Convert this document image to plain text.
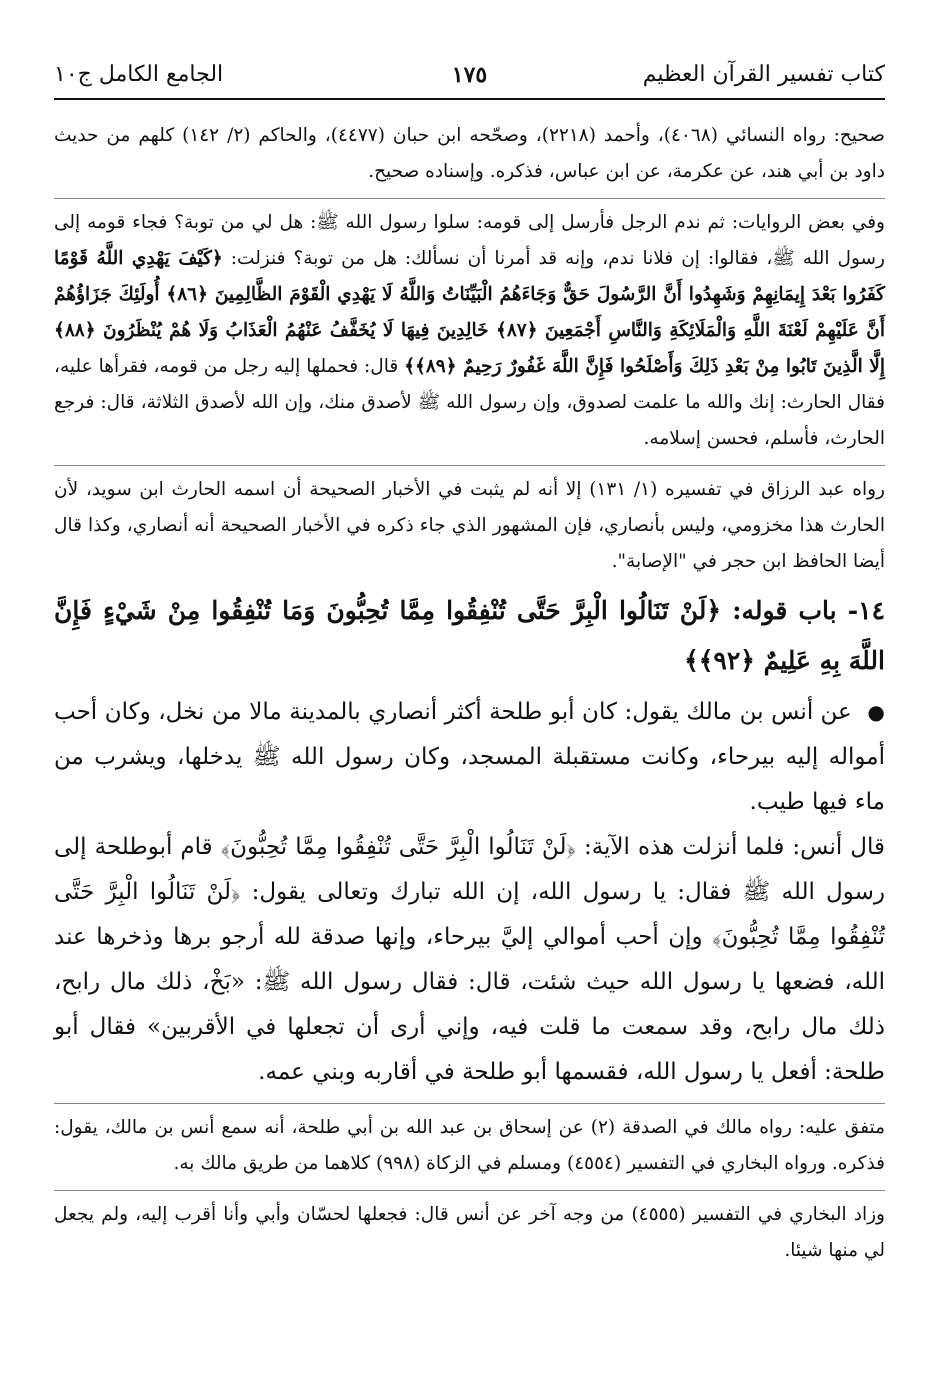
كتاب تفسير القرآن العظيم
١٧٥
الجامع الكامل ج١٠

صحيح: رواه النسائي (٤٠٦٨)، وأحمد (٢٢١٨)، وصحّحه ابن حبان (٤٤٧٧)، والحاكم (٢/ ١٤٢) كلهم من حديث داود بن أبي هند، عن عكرمة، عن ابن عباس، فذكره. وإسناده صحيح.

وفي بعض الروايات: ثم ندم الرجل فأرسل إلى قومه: سلوا رسول الله ﷺ: هل لي من توبة؟ فجاء قومه إلى رسول الله ﷺ، فقالوا: إن فلانا ندم، وإنه قد أمرنا أن نسألك: هل من توبة؟ فنزلت: ﴿كَيْفَ يَهْدِي اللَّهُ قَوْمًا كَفَرُوا بَعْدَ إِيمَانِهِمْ وَشَهِدُوا أَنَّ الرَّسُولَ حَقٌّ وَجَاءَهُمُ الْبَيِّنَاتُ وَاللَّهُ لَا يَهْدِي الْقَوْمَ الظَّالِمِينَ ﴿٨٦﴾ أُولَئِكَ جَزَاؤُهُمْ أَنَّ عَلَيْهِمْ لَعْنَةَ اللَّهِ وَالْمَلَائِكَةِ وَالنَّاسِ أَجْمَعِينَ ﴿٨٧﴾ خَالِدِينَ فِيهَا لَا يُخَفَّفُ عَنْهُمُ الْعَذَابُ وَلَا هُمْ يُنْظَرُونَ ﴿٨٨﴾ إِلَّا الَّذِينَ تَابُوا مِنْ بَعْدِ ذَلِكَ وَأَصْلَحُوا فَإِنَّ اللَّهَ غَفُورٌ رَحِيمٌ ﴿٨٩﴾﴾ قال: فحملها إليه رجل من قومه، فقرأها عليه، فقال الحارث: إنك والله ما علمت لصدوق، وإن رسول الله ﷺ لأصدق منك، وإن الله لأصدق الثلاثة، قال: فرجع الحارث، فأسلم، فحسن إسلامه.

رواه عبد الرزاق في تفسيره (١/ ١٣١) إلا أنه لم يثبت في الأخبار الصحيحة أن اسمه الحارث ابن سويد، لأن الحارث هذا مخزومي، وليس بأنصاري، فإن المشهور الذي جاء ذكره في الأخبار الصحيحة أنه أنصاري، وكذا قال أيضا الحافظ ابن حجر في "الإصابة".

١٤- باب قوله: ﴿لَنْ تَنَالُوا الْبِرَّ حَتَّى تُنْفِقُوا مِمَّا تُحِبُّونَ وَمَا تُنْفِقُوا مِنْ شَيْءٍ فَإِنَّ اللَّهَ بِهِ عَلِيمٌ ﴿٩٢﴾﴾

● عن أنس بن مالك يقول: كان أبو طلحة أكثر أنصاري بالمدينة مالا من نخل، وكان أحب أمواله إليه بيرحاء، وكانت مستقبلة المسجد، وكان رسول الله ﷺ يدخلها، ويشرب من ماء فيها طيب.

قال أنس: فلما أنزلت هذه الآية: ﴿لَنْ تَنَالُوا الْبِرَّ حَتَّى تُنْفِقُوا مِمَّا تُحِبُّونَ﴾ قام أبوطلحة إلى رسول الله ﷺ فقال: يا رسول الله، إن الله تبارك وتعالى يقول: ﴿لَنْ تَنَالُوا الْبِرَّ حَتَّى تُنْفِقُوا مِمَّا تُحِبُّونَ﴾ وإن أحب أموالي إليَّ بيرحاء، وإنها صدقة لله أرجو برها وذخرها عند الله، فضعها يا رسول الله حيث شئت، قال: فقال رسول الله ﷺ: «بَخْ، ذلك مال رابح، ذلك مال رابح، وقد سمعت ما قلت فيه، وإني أرى أن تجعلها في الأقربين» فقال أبو طلحة: أفعل يا رسول الله، فقسمها أبو طلحة في أقاربه وبني عمه.

متفق عليه: رواه مالك في الصدقة (٢) عن إسحاق بن عبد الله بن أبي طلحة، أنه سمع أنس بن مالك، يقول: فذكره. ورواه البخاري في التفسير (٤٥٥٤) ومسلم في الزكاة (٩٩٨) كلاهما من طريق مالك به.

وزاد البخاري في التفسير (٤٥٥٥) من وجه آخر عن أنس قال: فجعلها لحسّان وأبي وأنا أقرب إليه، ولم يجعل لي منها شيئا.
